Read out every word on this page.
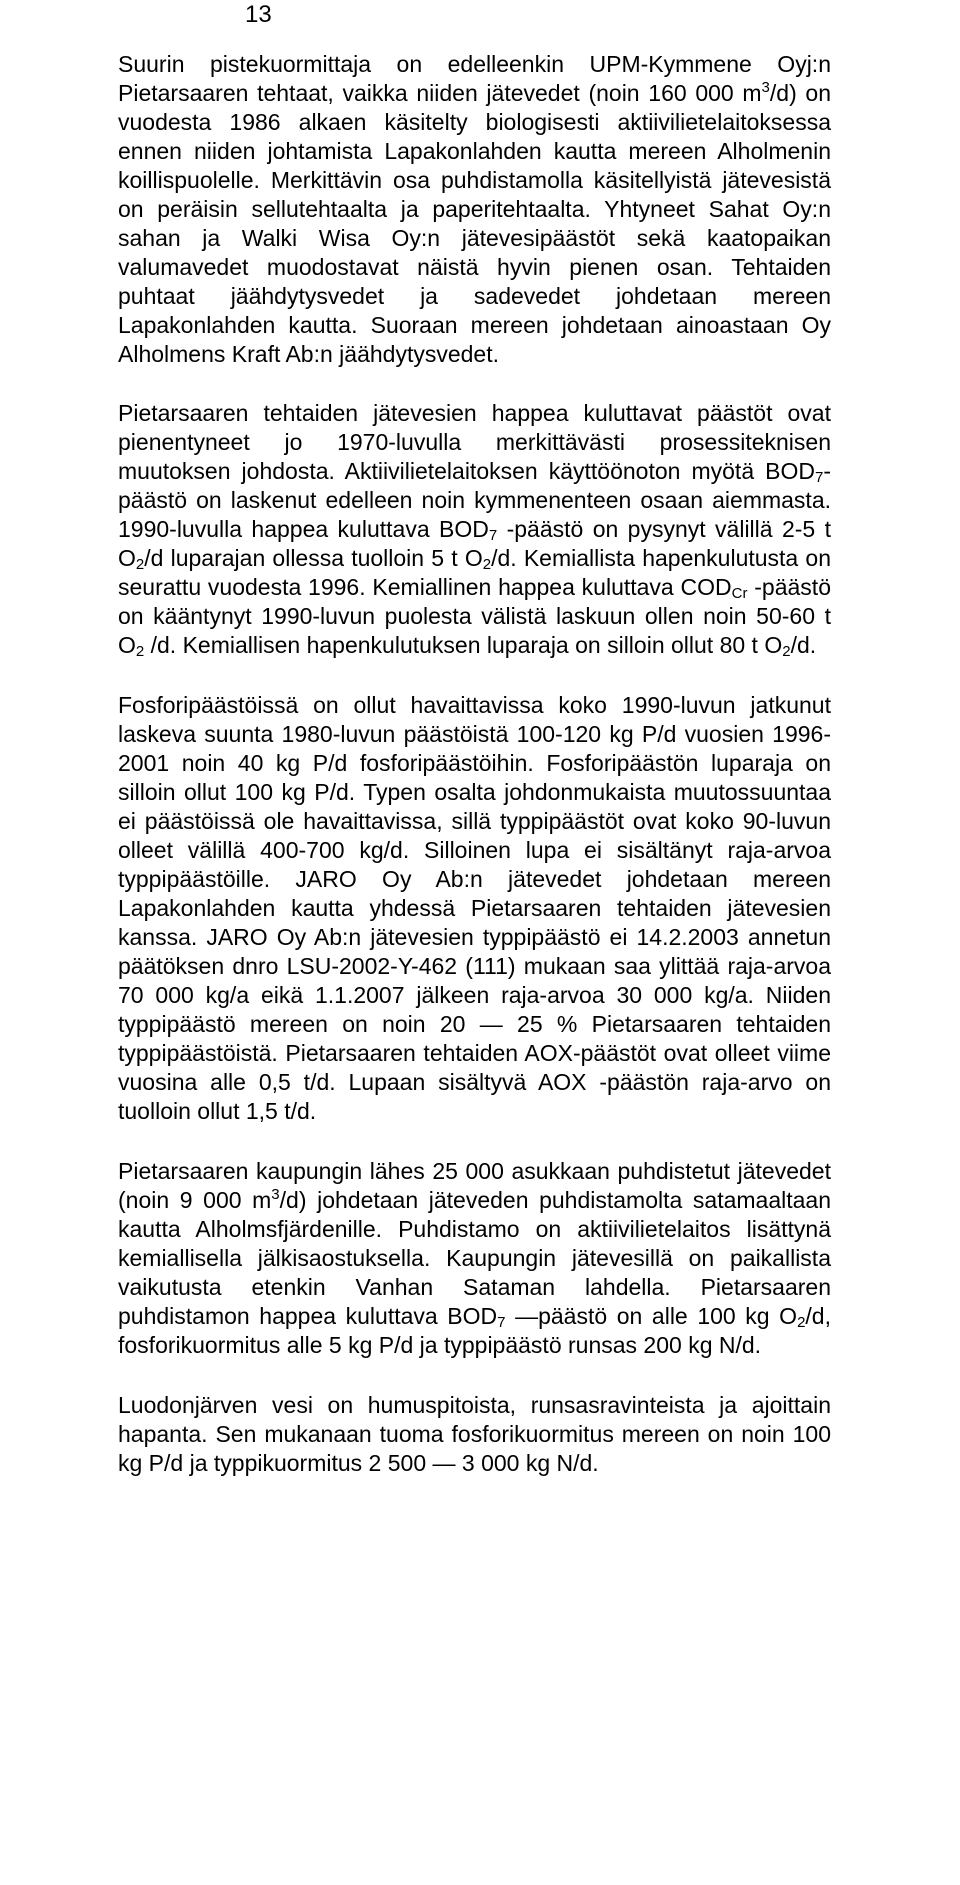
13

Suurin pistekuormittaja on edelleenkin UPM-Kymmene Oyj:n Pietarsaaren tehtaat, vaikka niiden jätevedet (noin 160 000 $m^3/d$) on vuodesta 1986 alkaen käsitelty biologisesti aktiivilietelaitoksessa ennen niiden johtamista Lapakonlahden kautta mereen Alholmenin koillispuolelle. Merkittävin osa puhdistamolla käsitellyistä jätevesistä on peräisin sellutehtaalta ja paperitehtaalta. Yhtyneet Sahat Oy:n sahan ja Walki Wisa Oy:n jätevesipäästöt sekä kaatopaikan valumavedet muodostavat näistä hyvin pienen osan. Tehtaiden puhtaat jäähdytysvedet ja sadevedet johdetaan mereen Lapakonlahden kautta. Suoraan mereen johdetaan ainoastaan Oy Alholmens Kraft Ab:n jäähdytysvedet.

Pietarsaaren tehtaiden jätevesien happea kuluttavat päästöt ovat pienentyneet jo 1970-luvulla merkittävästi prosessiteknisen muutoksen johdosta. Aktiivilietelaitoksen käyttöönoton myötä $BOD_7$-päästö on laskenut edelleen noin kymmenenteen osaan aiemmasta. 1990-luvulla happea kuluttava $BOD_7$ -päästö on pysynyt välillä 2-5 t $O_2/d$ luparajan ollessa tuolloin 5 t $O_2/d$. Kemiallista hapenkulutusta on seurattu vuodesta 1996. Kemiallinen happea kuluttava $COD_{Cr}$ -päästö on kääntynyt 1990-luvun puolesta välistä laskuun ollen noin 50-60 t $O_2$ /d. Kemiallisen hapenkulutuksen luparaja on silloin ollut 80 t $O_2/d$.

Fosforipäästöissä on ollut havaittavissa koko 1990-luvun jatkunut laskeva suunta 1980-luvun päästöistä 100-120 kg P/d vuosien 1996-2001 noin 40 kg P/d fosforipäästöihin. Fosforipäästön luparaja on silloin ollut 100 kg P/d. Typen osalta johdonmukaista muutossuuntaa ei päästöissä ole havaittavissa, sillä typpipäästöt ovat koko 90-luvun olleet välillä 400-700 kg/d. Silloinen lupa ei sisältänyt raja-arvoa typpipäästöille. JARO Oy Ab:n jätevedet johdetaan mereen Lapakonlahden kautta yhdessä Pietarsaaren tehtaiden jätevesien kanssa. JARO Oy Ab:n jätevesien typpipäästö ei 14.2.2003 annetun päätöksen dnro LSU-2002-Y-462 (111) mukaan saa ylittää raja-arvoa 70 000 kg/a eikä 1.1.2007 jälkeen raja-arvoa 30 000 kg/a. Niiden typpipäästö mereen on noin 20 — 25 % Pietarsaaren tehtaiden typpipäästöistä. Pietarsaaren tehtaiden AOX-päästöt ovat olleet viime vuosina alle 0,5 t/d. Lupaan sisältyvä AOX -päästön raja-arvo on tuolloin ollut 1,5 t/d.

Pietarsaaren kaupungin lähes 25 000 asukkaan puhdistetut jätevedet (noin 9 000 $m^3/d$) johdetaan jäteveden puhdistamolta satamaaltaan kautta Alholmsfjärdenille. Puhdistamo on aktiivilietelaitos lisättynä kemiallisella jälkisaostuksella. Kaupungin jätevesillä on paikallista vaikutusta etenkin Vanhan Sataman lahdella. Pietarsaaren puhdistamon happea kuluttava $BOD_7$ —päästö on alle 100 kg $O_2/d$, fosforikuormitus alle 5 kg P/d ja typpipäästö runsas 200 kg N/d.

Luodonjärven vesi on humuspitoista, runsasravinteista ja ajoittain hapanta. Sen mukanaan tuoma fosforikuormitus mereen on noin 100 kg P/d ja typpikuormitus 2 500 — 3 000 kg N/d.
